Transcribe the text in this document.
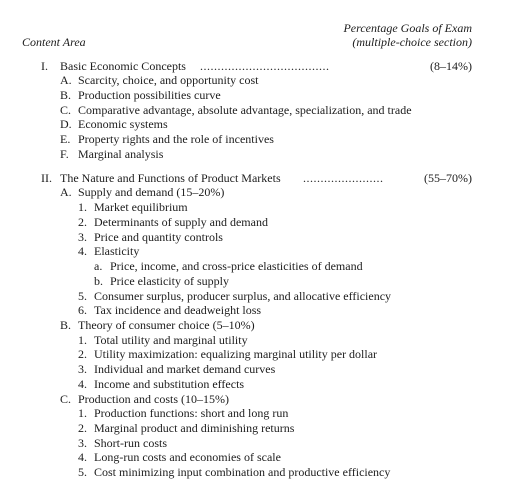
Percentage Goals of Exam
Content Area	(multiple-choice section)
I. Basic Economic Concepts .....................................	(8–14%)
A. Scarcity, choice, and opportunity cost
B. Production possibilities curve
C. Comparative advantage, absolute advantage, specialization, and trade
D. Economic systems
E. Property rights and the role of incentives
F. Marginal analysis
II. The Nature and Functions of Product Markets .......................	(55–70%)
A. Supply and demand (15–20%)
1. Market equilibrium
2. Determinants of supply and demand
3. Price and quantity controls
4. Elasticity
a. Price, income, and cross-price elasticities of demand
b. Price elasticity of supply
5. Consumer surplus, producer surplus, and allocative efficiency
6. Tax incidence and deadweight loss
B. Theory of consumer choice (5–10%)
1. Total utility and marginal utility
2. Utility maximization: equalizing marginal utility per dollar
3. Individual and market demand curves
4. Income and substitution effects
C. Production and costs (10–15%)
1. Production functions: short and long run
2. Marginal product and diminishing returns
3. Short-run costs
4. Long-run costs and economies of scale
5. Cost minimizing input combination and productive efficiency
